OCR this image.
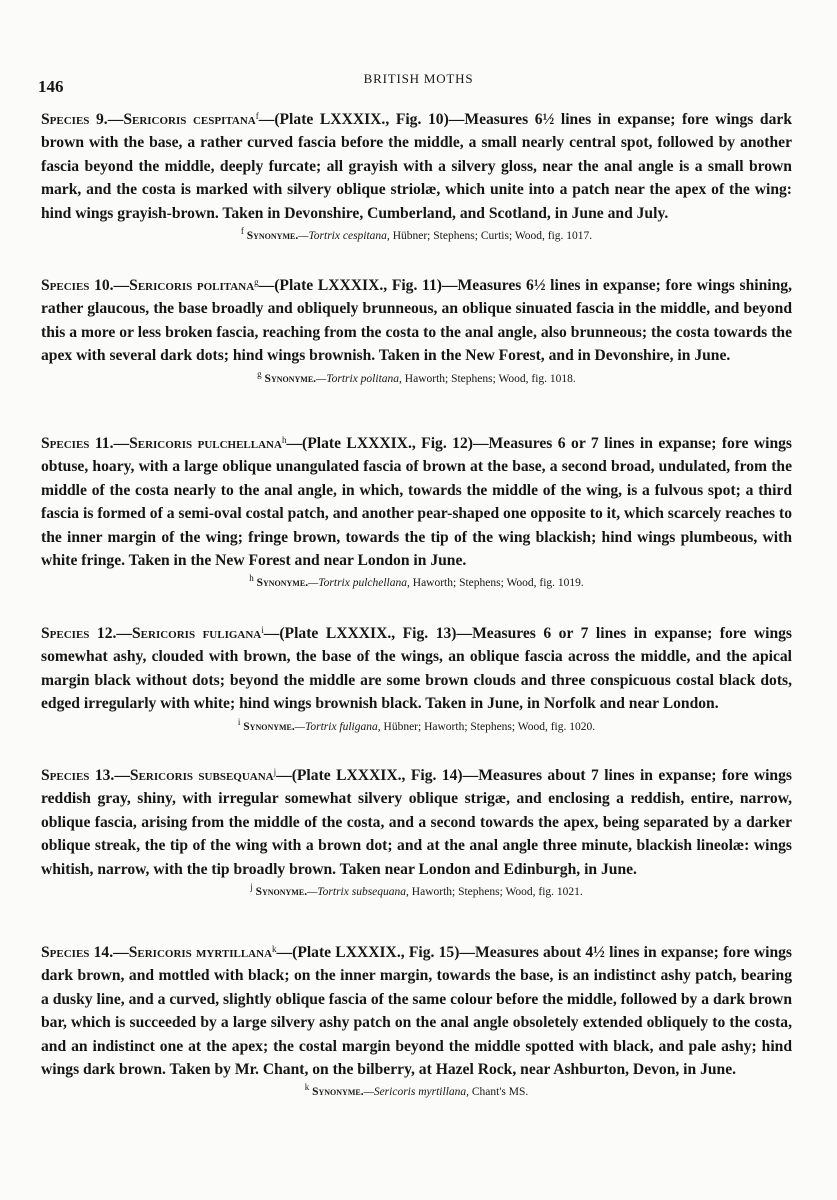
146	BRITISH MOTHS

Species 9.—Sericoris cespitana$^f$—(Plate LXXXIX., Fig. 10)—Measures 6½ lines in expanse; fore wings dark brown with the base, a rather curved fascia before the middle, a small nearly central spot, followed by another fascia beyond the middle, deeply furcate; all grayish with a silvery gloss, near the anal angle is a small brown mark, and the costa is marked with silvery oblique striolæ, which unite into a patch near the apex of the wing: hind wings grayish-brown. Taken in Devonshire, Cumberland, and Scotland, in June and July.

$^f$ Synonyme.—Tortrix cespitana, Hübner; Stephens; Curtis; Wood, fig. 1017.

Species 10.—Sericoris politana$^g$—(Plate LXXXIX., Fig. 11)—Measures 6½ lines in expanse; fore wings shining, rather glaucous, the base broadly and obliquely brunneous, an oblique sinuated fascia in the middle, and beyond this a more or less broken fascia, reaching from the costa to the anal angle, also brunneous; the costa towards the apex with several dark dots; hind wings brownish. Taken in the New Forest, and in Devonshire, in June.

$^g$ Synonyme.—Tortrix politana, Haworth; Stephens; Wood, fig. 1018.

Species 11.—Sericoris pulchellana$^h$—(Plate LXXXIX., Fig. 12)—Measures 6 or 7 lines in expanse; fore wings obtuse, hoary, with a large oblique unangulated fascia of brown at the base, a second broad, undulated, from the middle of the costa nearly to the anal angle, in which, towards the middle of the wing, is a fulvous spot; a third fascia is formed of a semi-oval costal patch, and another pear-shaped one opposite to it, which scarcely reaches to the inner margin of the wing; fringe brown, towards the tip of the wing blackish; hind wings plumbeous, with white fringe. Taken in the New Forest and near London in June.

$^h$ Synonyme.—Tortrix pulchellana, Haworth; Stephens; Wood, fig. 1019.

Species 12.—Sericoris fuligana$^i$—(Plate LXXXIX., Fig. 13)—Measures 6 or 7 lines in expanse; fore wings somewhat ashy, clouded with brown, the base of the wings, an oblique fascia across the middle, and the apical margin black without dots; beyond the middle are some brown clouds and three conspicuous costal black dots, edged irregularly with white; hind wings brownish black. Taken in June, in Norfolk and near London.

$^i$ Synonyme.—Tortrix fuligana, Hübner; Haworth; Stephens; Wood, fig. 1020.

Species 13.—Sericoris subsequana$^j$—(Plate LXXXIX., Fig. 14)—Measures about 7 lines in expanse; fore wings reddish gray, shiny, with irregular somewhat silvery oblique strigæ, and enclosing a reddish, entire, narrow, oblique fascia, arising from the middle of the costa, and a second towards the apex, being separated by a darker oblique streak, the tip of the wing with a brown dot; and at the anal angle three minute, blackish lineolæ: wings whitish, narrow, with the tip broadly brown. Taken near London and Edinburgh, in June.

$^j$ Synonyme.—Tortrix subsequana, Haworth; Stephens; Wood, fig. 1021.

Species 14.—Sericoris myrtillana$^k$—(Plate LXXXIX., Fig. 15)—Measures about 4½ lines in expanse; fore wings dark brown, and mottled with black; on the inner margin, towards the base, is an indistinct ashy patch, bearing a dusky line, and a curved, slightly oblique fascia of the same colour before the middle, followed by a dark brown bar, which is succeeded by a large silvery ashy patch on the anal angle obsoletely extended obliquely to the costa, and an indistinct one at the apex; the costal margin beyond the middle spotted with black, and pale ashy; hind wings dark brown. Taken by Mr. Chant, on the bilberry, at Hazel Rock, near Ashburton, Devon, in June.

$^k$ Synonyme.—Sericoris myrtillana, Chant's MS.
